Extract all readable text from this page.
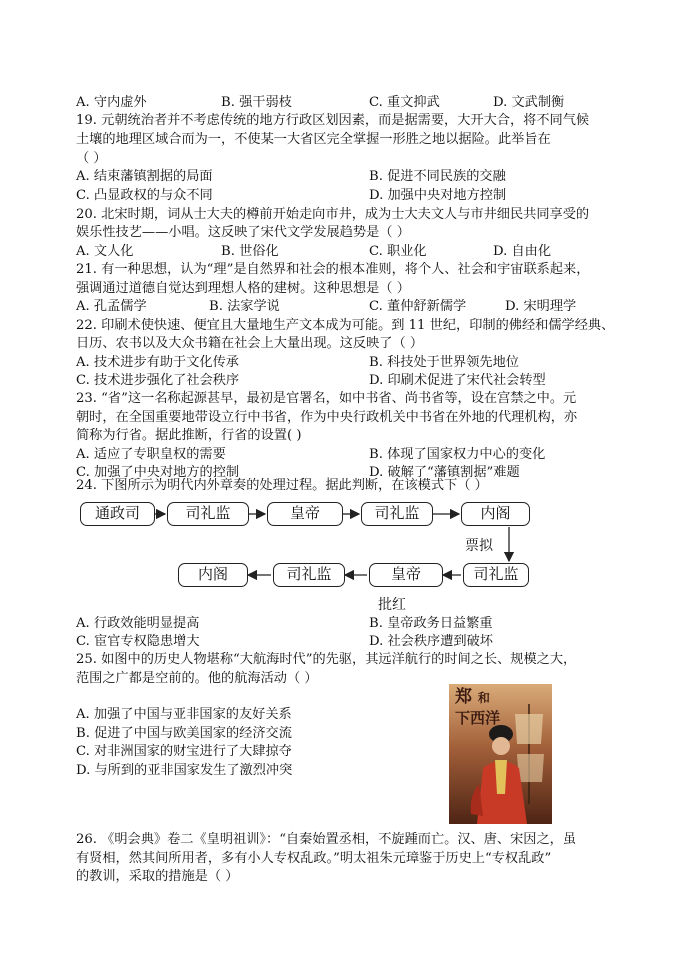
A. 守内虚外	B. 强干弱枝	C. 重文抑武	D. 文武制衡
19. 元朝统治者并不考虑传统的地方行政区划因素，而是据需要，大开大合，将不同气候
土壤的地理区域合而为一，不使某一大省区完全掌握一形胜之地以据险。此举旨在
（ ）
A. 结束藩镇割据的局面	B. 促进不同民族的交融
C. 凸显政权的与众不同	D. 加强中央对地方控制
20. 北宋时期，词从士大夫的樽前开始走向市井，成为士大夫文人与市井细民共同享受的
娱乐性技艺——小唱。这反映了宋代文学发展趋势是（ ）
A. 文人化	B. 世俗化	C. 职业化	D. 自由化
21. 有一种思想，认为“理”是自然界和社会的根本准则，将个人、社会和宇宙联系起来，
强调通过道德自觉达到理想人格的建树。这种思想是（ ）
A. 孔孟儒学	B. 法家学说	C. 董仲舒新儒学	D. 宋明理学
22. 印刷术使快速、便宜且大量地生产文本成为可能。到 11 世纪，印制的佛经和儒学经典、
日历、农书以及大众书籍在社会上大量出现。这反映了（ ）
A. 技术进步有助于文化传承	B. 科技处于世界领先地位
C. 技术进步强化了社会秩序	D. 印刷术促进了宋代社会转型
23. “省”这一名称起源甚早，最初是官署名，如中书省、尚书省等，设在宫禁之中。元
朝时，在全国重要地带设立行中书省，作为中央行政机关中书省在外地的代理机构，亦
简称为行省。据此推断，行省的设置( )
A. 适应了专职皇权的需要	B. 体现了国家权力中心的变化
C. 加强了中央对地方的控制	D. 破解了“藩镇割据”难题
24. 下图所示为明代内外章奏的处理过程。据此判断，在该模式下（ ）
通政司	司礼监	皇帝	司礼监	内阁
票拟
内阁	司礼监	皇帝	司礼监
批红
A. 行政效能明显提高	B. 皇帝政务日益繁重
C. 宦官专权隐患增大	D. 社会秩序遭到破坏
25. 如图中的历史人物堪称“大航海时代”的先驱，其远洋航行的时间之长、规模之大，
范围之广都是空前的。他的航海活动（ ）
A. 加强了中国与亚非国家的友好关系
B. 促进了中国与欧美国家的经济交流
C. 对非洲国家的财宝进行了大肆掠夺
D. 与所到的亚非国家发生了激烈冲突
郑 和
下西洋
26. 《明会典》卷二《皇明祖训》：“自秦始置丞相，不旋踵而亡。汉、唐、宋因之，虽
有贤相，然其间所用者，多有小人专权乱政。”明太祖朱元璋鉴于历史上“专权乱政”
的教训，采取的措施是（ ）
